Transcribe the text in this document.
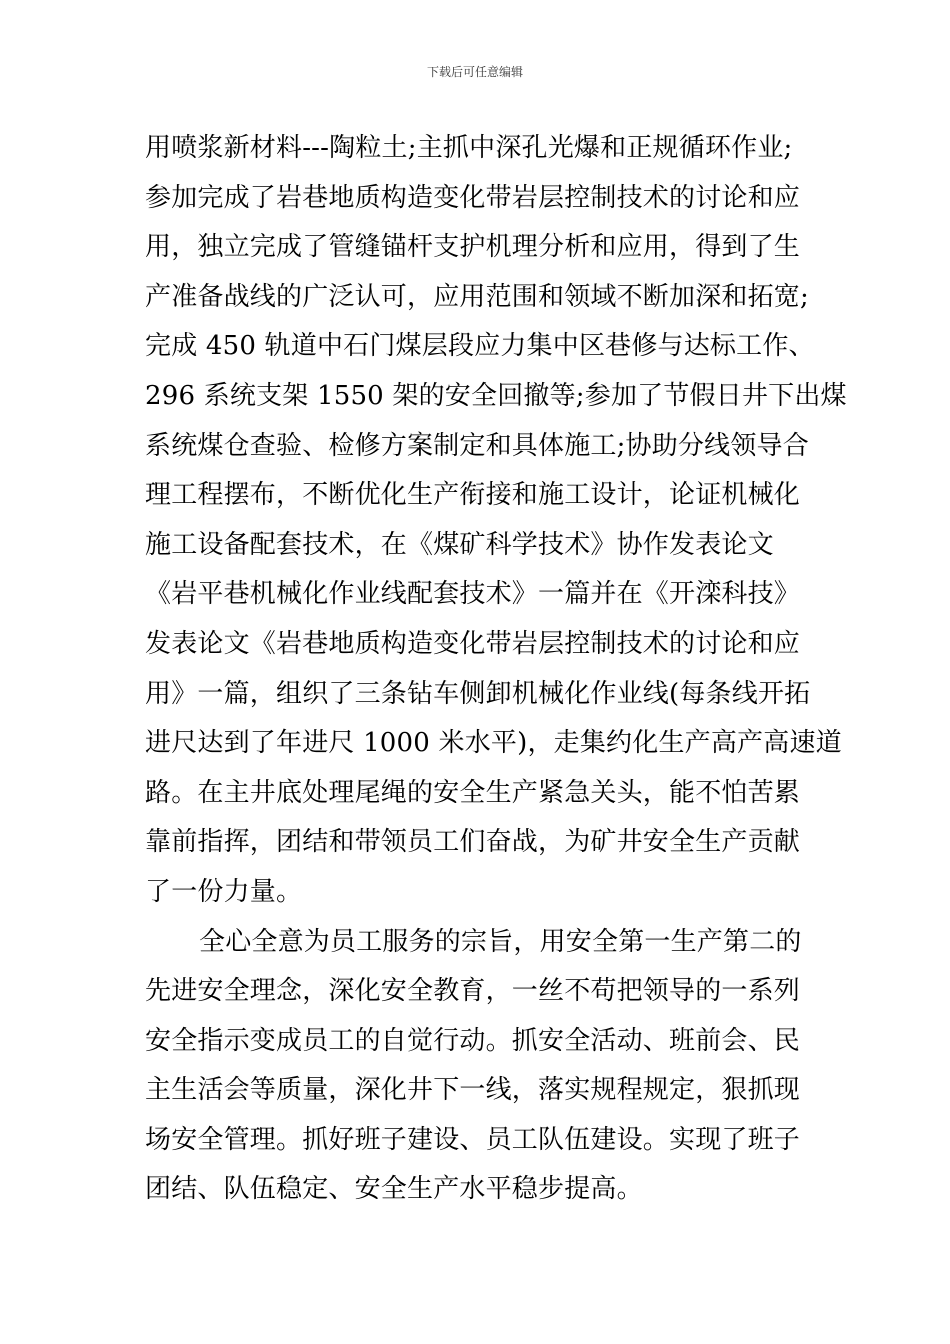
下载后可任意编辑
用喷浆新材料---陶粒土;主抓中深孔光爆和正规循环作业;
参加完成了岩巷地质构造变化带岩层控制技术的讨论和应
用，独立完成了管缝锚杆支护机理分析和应用，得到了生
产准备战线的广泛认可，应用范围和领域不断加深和拓宽;
完成 450 轨道中石门煤层段应力集中区巷修与达标工作、
296 系统支架 1550 架的安全回撤等;参加了节假日井下出煤
系统煤仓查验、检修方案制定和具体施工;协助分线领导合
理工程摆布，不断优化生产衔接和施工设计，论证机械化
施工设备配套技术，在《煤矿科学技术》协作发表论文
《岩平巷机械化作业线配套技术》一篇并在《开滦科技》
发表论文《岩巷地质构造变化带岩层控制技术的讨论和应
用》一篇，组织了三条钻车侧卸机械化作业线(每条线开拓
进尺达到了年进尺 1000 米水平)，走集约化生产高产高速道
路。在主井底处理尾绳的安全生产紧急关头，能不怕苦累
靠前指挥，团结和带领员工们奋战，为矿井安全生产贡献
了一份力量。
全心全意为员工服务的宗旨，用安全第一生产第二的
先进安全理念，深化安全教育，一丝不苟把领导的一系列
安全指示变成员工的自觉行动。抓安全活动、班前会、民
主生活会等质量，深化井下一线，落实规程规定，狠抓现
场安全管理。抓好班子建设、员工队伍建设。实现了班子
团结、队伍稳定、安全生产水平稳步提高。
